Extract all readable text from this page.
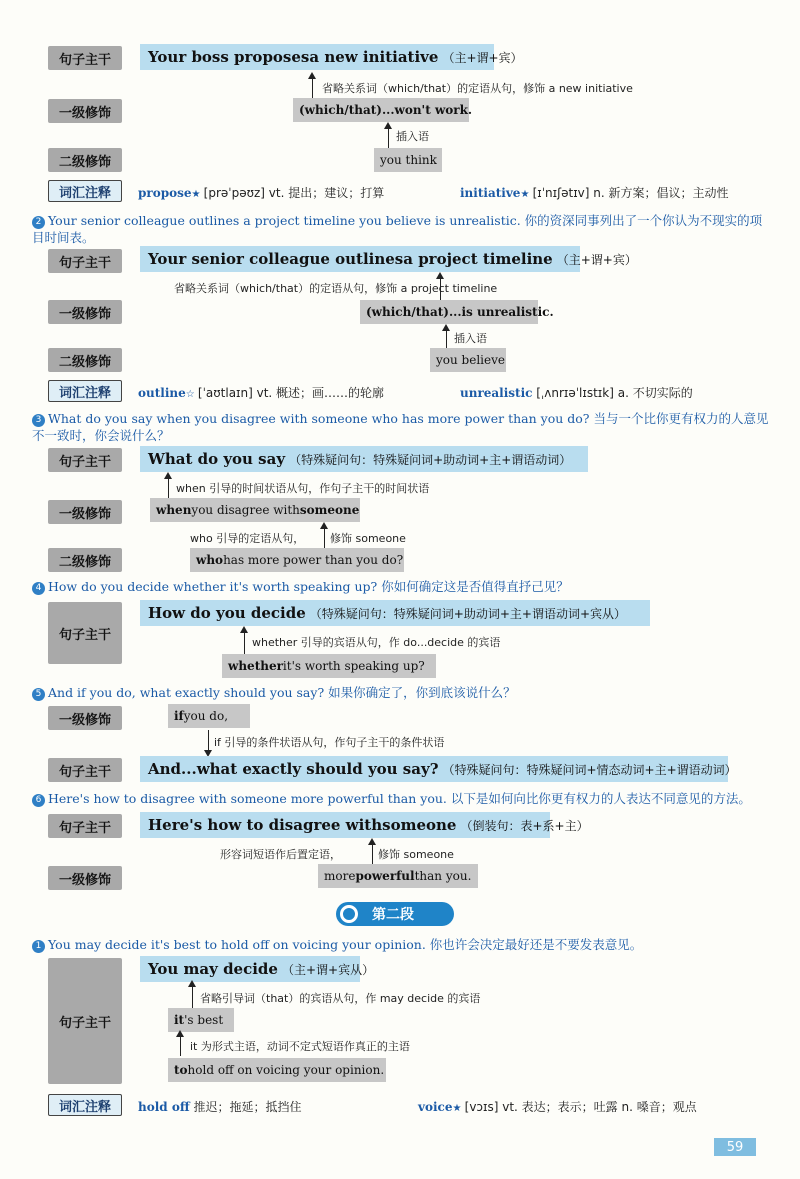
句子主干	Your boss proposes a new initiative （主+谓+宾）
省略关系词（which/that）的定语从句，修饰 a new initiative
一级修饰	(which/that)...won't work.
插入语
二级修饰	you think
词汇注释	propose★ [prəˈpəʊz] vt. 提出；建议；打算	initiative★ [ɪˈnɪʃətɪv] n. 新方案；倡议；主动性
2 Your senior colleague outlines a project timeline you believe is unrealistic. 你的资深同事列出了一个你认为不现实的项目时间表。
句子主干	Your senior colleague outlines a project timeline （主+谓+宾）
省略关系词（which/that）的定语从句，修饰 a project timeline
一级修饰	(which/that)...is unrealistic.
插入语
二级修饰	you believe
词汇注释	outline☆ [ˈaʊtlaɪn] vt. 概述；画……的轮廓	unrealistic [ˌʌnrɪəˈlɪstɪk] a. 不切实际的
3 What do you say when you disagree with someone who has more power than you do? 当与一个比你更有权力的人意见不一致时，你会说什么？
句子主干	What do you say （特殊疑问句：特殊疑问词+助动词+主+谓语动词）
when 引导的时间状语从句，作句子主干的时间状语
一级修饰	when you disagree with someone
who 引导的定语从句， 修饰 someone
二级修饰	who has more power than you do?
4 How do you decide whether it's worth speaking up? 你如何确定这是否值得直抒己见？
句子主干
How do you decide （特殊疑问句：特殊疑问词+助动词+主+谓语动词+宾从）
whether 引导的宾语从句，作 do...decide 的宾语
whether it's worth speaking up?
5 And if you do, what exactly should you say? 如果你确定了，你到底该说什么？
一级修饰	if you do,
if 引导的条件状语从句，作句子主干的条件状语
句子主干	And...what exactly should you say? （特殊疑问句：特殊疑问词+情态动词+主+谓语动词）
6 Here's how to disagree with someone more powerful than you. 以下是如何向比你更有权力的人表达不同意见的方法。
句子主干	Here's how to disagree with someone （倒装句：表+系+主）
形容词短语作后置定语，	修饰 someone
一级修饰	more powerful than you.
第二段
1 You may decide it's best to hold off on voicing your opinion. 你也许会决定最好还是不要发表意见。
句子主干
You may decide （主+谓+宾从）
省略引导词（that）的宾语从句，作 may decide 的宾语
it 's best
it 为形式主语，动词不定式短语作真正的主语
to hold off on voicing your opinion.
词汇注释	hold off 推迟；拖延；抵挡住	voice★ [vɔɪs] vt. 表达；表示；吐露 n. 嗓音；观点
59
